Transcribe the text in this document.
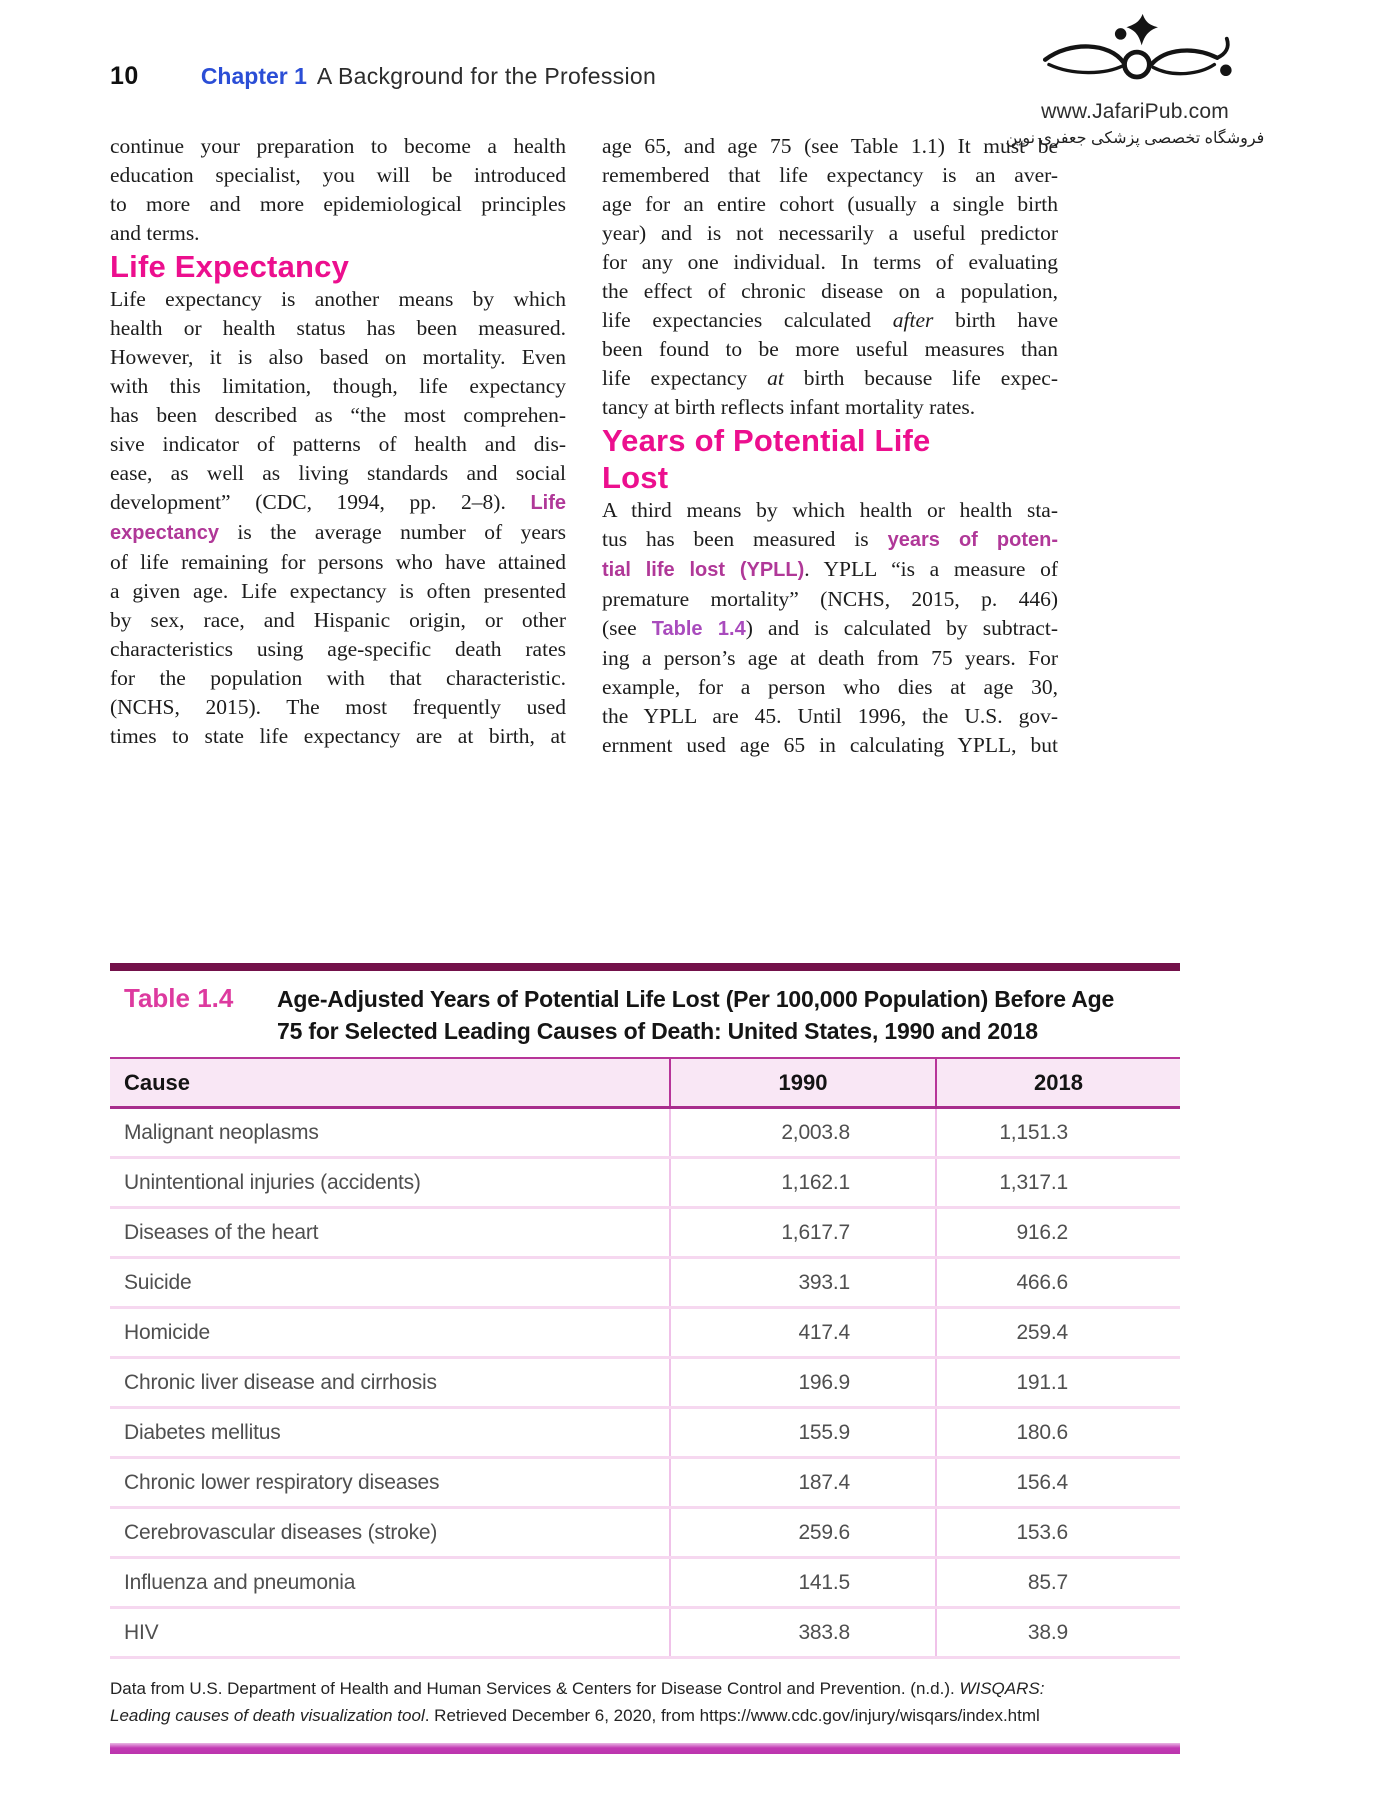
10	Chapter 1 A Background for the Profession
www.JafariPub.com
فروشگاه تخصصی پزشکی جعفری نوین
continue your preparation to become a health
education specialist, you will be introduced
to more and more epidemiological principles
and terms.
Life Expectancy
Life expectancy is another means by which
health or health status has been measured.
However, it is also based on mortality. Even
with this limitation, though, life expectancy
has been described as “the most comprehen-
sive indicator of patterns of health and dis-
ease, as well as living standards and social
development” (CDC, 1994, pp. 2–8). Life
expectancy is the average number of years
of life remaining for persons who have attained
a given age. Life expectancy is often presented
by sex, race, and Hispanic origin, or other
characteristics using age-specific death rates
for the population with that characteristic.
(NCHS, 2015). The most frequently used
times to state life expectancy are at birth, at
age 65, and age 75 (see Table 1.1) It must be
remembered that life expectancy is an aver-
age for an entire cohort (usually a single birth
year) and is not necessarily a useful predictor
for any one individual. In terms of evaluating
the effect of chronic disease on a population,
life expectancies calculated after birth have
been found to be more useful measures than
life expectancy at birth because life expec-
tancy at birth reflects infant mortality rates.
Years of Potential Life
Lost
A third means by which health or health sta-
tus has been measured is years of poten-
tial life lost (YPLL). YPLL “is a measure of
premature mortality” (NCHS, 2015, p. 446)
(see Table 1.4) and is calculated by subtract-
ing a person’s age at death from 75 years. For
example, for a person who dies at age 30,
the YPLL are 45. Until 1996, the U.S. gov-
ernment used age 65 in calculating YPLL, but
Table 1.4	Age-Adjusted Years of Potential Life Lost (Per 100,000 Population) Before Age
75 for Selected Leading Causes of Death: United States, 1990 and 2018
Cause	1990	2018
Malignant neoplasms	2,003.8	1,151.3
Unintentional injuries (accidents)	1,162.1	1,317.1
Diseases of the heart	1,617.7	916.2
Suicide	393.1	466.6
Homicide	417.4	259.4
Chronic liver disease and cirrhosis	196.9	191.1
Diabetes mellitus	155.9	180.6
Chronic lower respiratory diseases	187.4	156.4
Cerebrovascular diseases (stroke)	259.6	153.6
Influenza and pneumonia	141.5	85.7
HIV	383.8	38.9
Data from U.S. Department of Health and Human Services & Centers for Disease Control and Prevention. (n.d.). WISQARS: Leading causes of death visualization tool. Retrieved December 6, 2020, from https://www.cdc.gov/injury/wisqars/index.html
